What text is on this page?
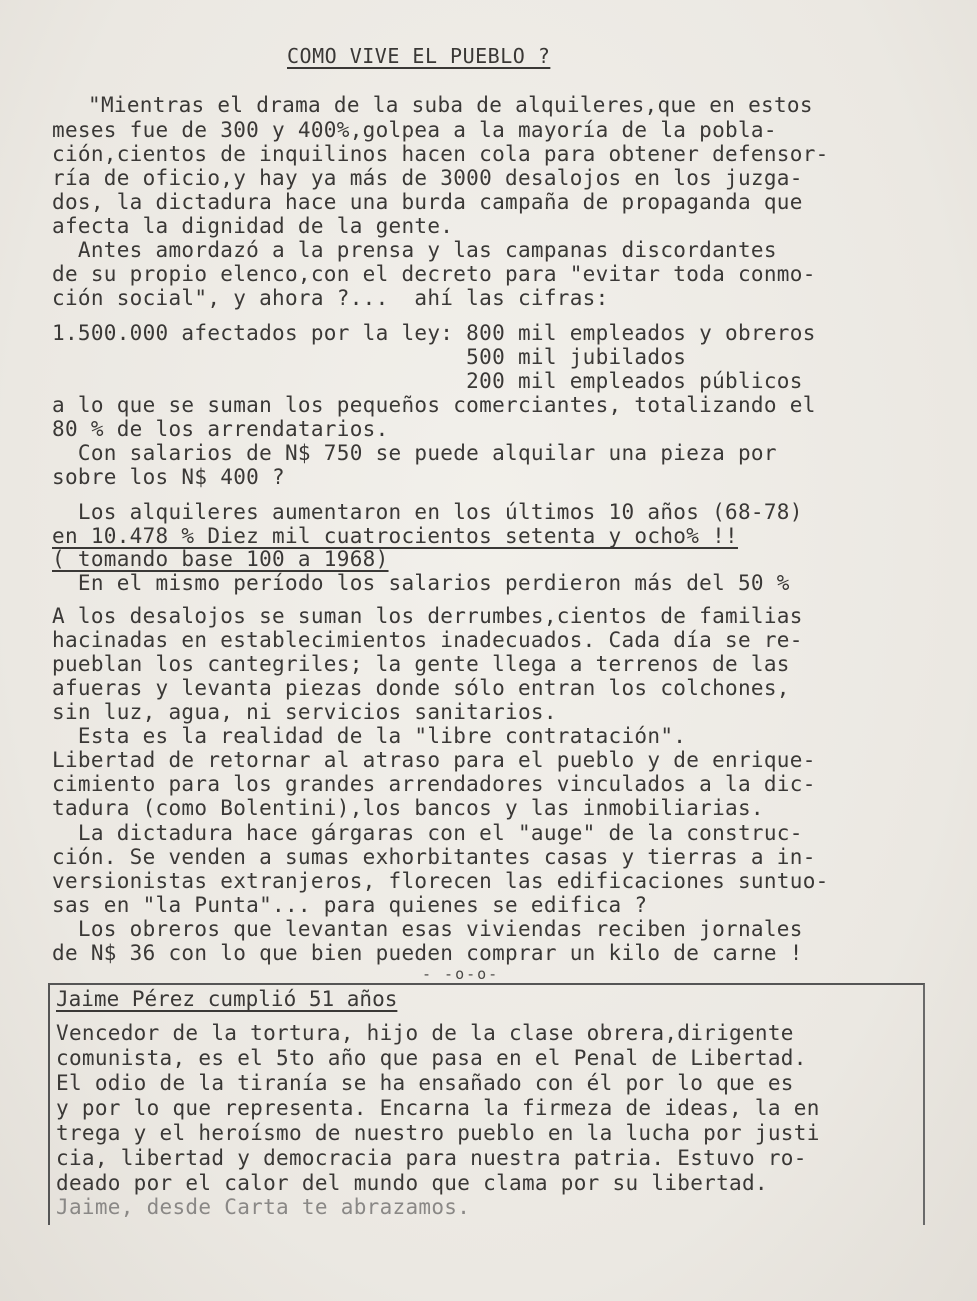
COMO VIVE EL PUEBLO ?
"Mientras el drama de la suba de alquileres,que en estos
meses fue de 300 y 400%,golpea a la mayoría de la pobla-
ción,cientos de inquilinos hacen cola para obtener defensor-
ría de oficio,y hay ya más de 3000 desalojos en los juzga-
dos, la dictadura hace una burda campaña de propaganda que
afecta la dignidad de la gente.
Antes amordazó a la prensa y las campanas discordantes
de su propio elenco,con el decreto para "evitar toda conmo-
ción social", y ahora ?...  ahí las cifras:
1.500.000 afectados por la ley: 800 mil empleados y obreros
500 mil jubilados
200 mil empleados públicos
a lo que se suman los pequeños comerciantes, totalizando el
80 % de los arrendatarios.
Con salarios de N$ 750 se puede alquilar una pieza por
sobre los N$ 400 ?
Los alquileres aumentaron en los últimos 10 años (68-78)
en 10.478 % Diez mil cuatrocientos setenta y ocho% !!
( tomando base 100 a 1968)
En el mismo período los salarios perdieron más del 50 %
A los desalojos se suman los derrumbes,cientos de familias
hacinadas en establecimientos inadecuados. Cada día se re-
pueblan los cantegriles; la gente llega a terrenos de las
afueras y levanta piezas donde sólo entran los colchones,
sin luz, agua, ni servicios sanitarios.
Esta es la realidad de la "libre contratación".
Libertad de retornar al atraso para el pueblo y de enrique-
cimiento para los grandes arrendadores vinculados a la dic-
tadura (como Bolentini),los bancos y las inmobiliarias.
La dictadura hace gárgaras con el "auge" de la construc-
ción. Se venden a sumas exhorbitantes casas y tierras a in-
versionistas extranjeros, florecen las edificaciones suntuo-
sas en "la Punta"... para quienes se edifica ?
Los obreros que levantan esas viviendas reciben jornales
de N$ 36 con lo que bien pueden comprar un kilo de carne !
- -o-o-
Jaime Pérez cumplió 51 años
Vencedor de la tortura, hijo de la clase obrera,dirigente
comunista, es el 5to año que pasa en el Penal de Libertad.
El odio de la tiranía se ha ensañado con él por lo que es
y por lo que representa. Encarna la firmeza de ideas, la en
trega y el heroísmo de nuestro pueblo en la lucha por justi
cia, libertad y democracia para nuestra patria. Estuvo ro-
deado por el calor del mundo que clama por su libertad.
Jaime, desde Carta te abrazamos.
